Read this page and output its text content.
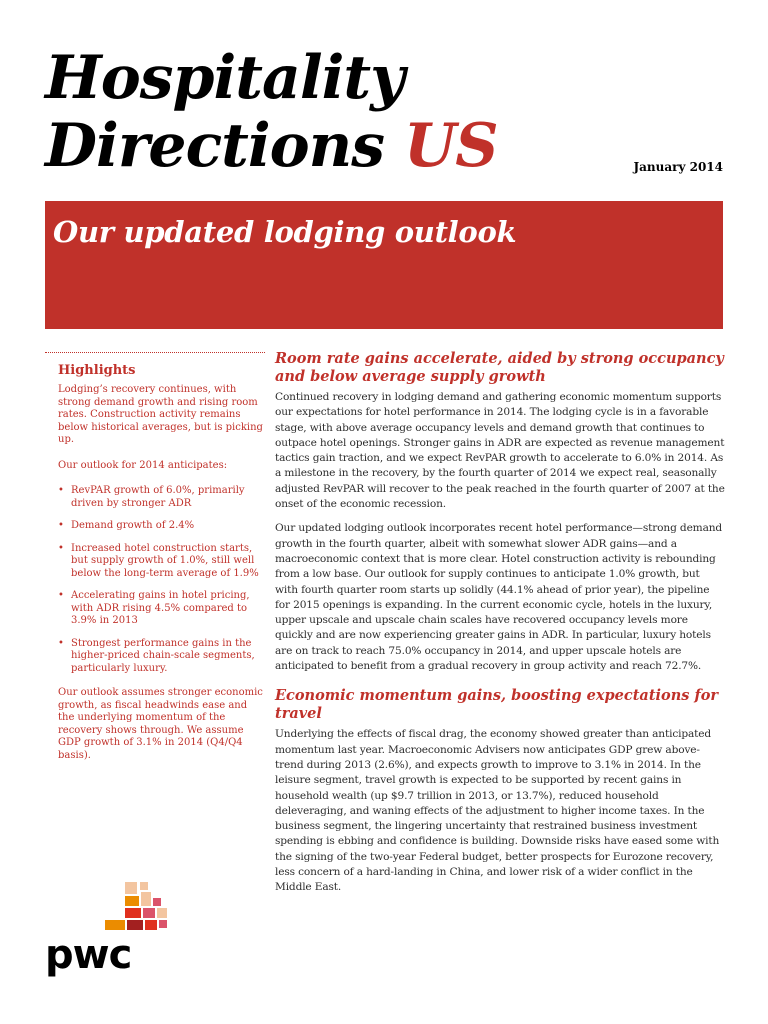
Hospitality
Directions US	January 2014
Our updated lodging outlook
Highlights

Lodging’s recovery continues, with strong demand growth and rising room rates. Construction activity remains below historical averages, but is picking up.

Our outlook for 2014 anticipates:

• RevPAR growth of 6.0%, primarily driven by stronger ADR
• Demand growth of 2.4%
• Increased hotel construction starts, but supply growth of 1.0%, still well below the long-term average of 1.9%
• Accelerating gains in hotel pricing, with ADR rising 4.5% compared to 3.9% in 2013
• Strongest performance gains in the higher-priced chain-scale segments, particularly luxury.

Our outlook assumes stronger economic growth, as fiscal headwinds ease and the underlying momentum of the recovery shows through. We assume GDP growth of 3.1% in 2014 (Q4/Q4 basis).

Room rate gains accelerate, aided by strong occupancy and below average supply growth

Continued recovery in lodging demand and gathering economic momentum supports our expectations for hotel performance in 2014. The lodging cycle is in a favorable stage, with above average occupancy levels and demand growth that continues to outpace hotel openings. Stronger gains in ADR are expected as revenue management tactics gain traction, and we expect RevPAR growth to accelerate to 6.0% in 2014. As a milestone in the recovery, by the fourth quarter of 2014 we expect real, seasonally adjusted RevPAR will recover to the peak reached in the fourth quarter of 2007 at the onset of the economic recession.

Our updated lodging outlook incorporates recent hotel performance—strong demand growth in the fourth quarter, albeit with somewhat slower ADR gains—and a macroeconomic context that is more clear. Hotel construction activity is rebounding from a low base. Our outlook for supply continues to anticipate 1.0% growth, but with fourth quarter room starts up solidly (44.1% ahead of prior year), the pipeline for 2015 openings is expanding. In the current economic cycle, hotels in the luxury, upper upscale and upscale chain scales have recovered occupancy levels more quickly and are now experiencing greater gains in ADR. In particular, luxury hotels are on track to reach 75.0% occupancy in 2014, and upper upscale hotels are anticipated to benefit from a gradual recovery in group activity and reach 72.7%.

Economic momentum gains, boosting expectations for travel

Underlying the effects of fiscal drag, the economy showed greater than anticipated momentum last year. Macroeconomic Advisers now anticipates GDP grew above-trend during 2013 (2.6%), and expects growth to improve to 3.1% in 2014. In the leisure segment, travel growth is expected to be supported by recent gains in household wealth (up $9.7 trillion in 2013, or 13.7%), reduced household deleveraging, and waning effects of the adjustment to higher income taxes. In the business segment, the lingering uncertainty that restrained business investment spending is ebbing and confidence is building. Downside risks have eased some with the signing of the two-year Federal budget, better prospects for Eurozone recovery, less concern of a hard-landing in China, and lower risk of a wider conflict in the Middle East.

pwc
